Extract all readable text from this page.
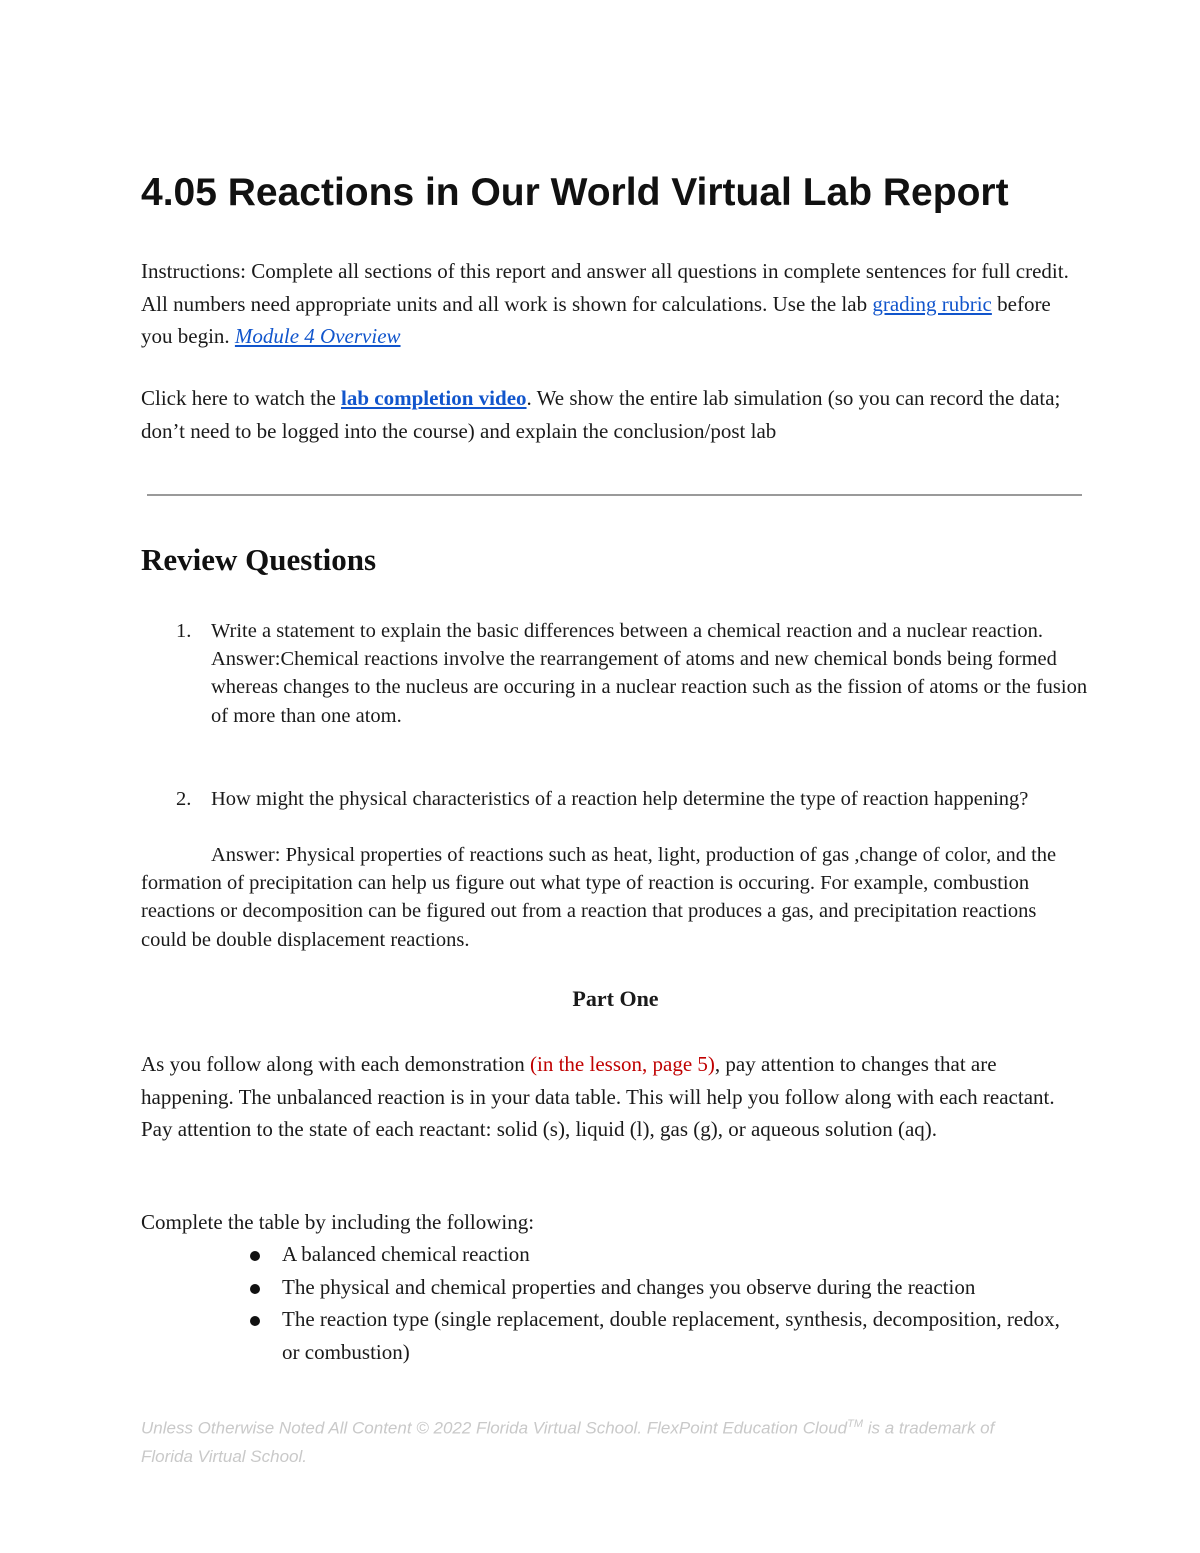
4.05 Reactions in Our World Virtual Lab Report

Instructions: Complete all sections of this report and answer all questions in complete sentences for full credit. All numbers need appropriate units and all work is shown for calculations. Use the lab grading rubric before you begin. Module 4 Overview

Click here to watch the lab completion video. We show the entire lab simulation (so you can record the data; don’t need to be logged into the course) and explain the conclusion/post lab

Review Questions
1. Write a statement to explain the basic differences between a chemical reaction and a nuclear reaction.
Answer:Chemical reactions involve the rearrangement of atoms and new chemical bonds being formed whereas changes to the nucleus are occuring in a nuclear reaction such as the fission of atoms or the fusion of more than one atom.
2. How might the physical characteristics of a reaction help determine the type of reaction happening?

Answer: Physical properties of reactions such as heat, light, production of gas ,change of color, and the formation of precipitation can help us figure out what type of reaction is occuring. For example, combustion reactions or decomposition can be figured out from a reaction that produces a gas, and precipitation reactions could be double displacement reactions.

Part One

As you follow along with each demonstration (in the lesson, page 5), pay attention to changes that are happening. The unbalanced reaction is in your data table. This will help you follow along with each reactant. Pay attention to the state of each reactant: solid (s), liquid (l), gas (g), or aqueous solution (aq).

Complete the table by including the following:

A balanced chemical reaction
The physical and chemical properties and changes you observe during the reaction
The reaction type (single replacement, double replacement, synthesis, decomposition, redox, or combustion)

Unless Otherwise Noted All Content © 2022 Florida Virtual School. FlexPoint Education Cloud™ is a trademark of Florida Virtual School.
